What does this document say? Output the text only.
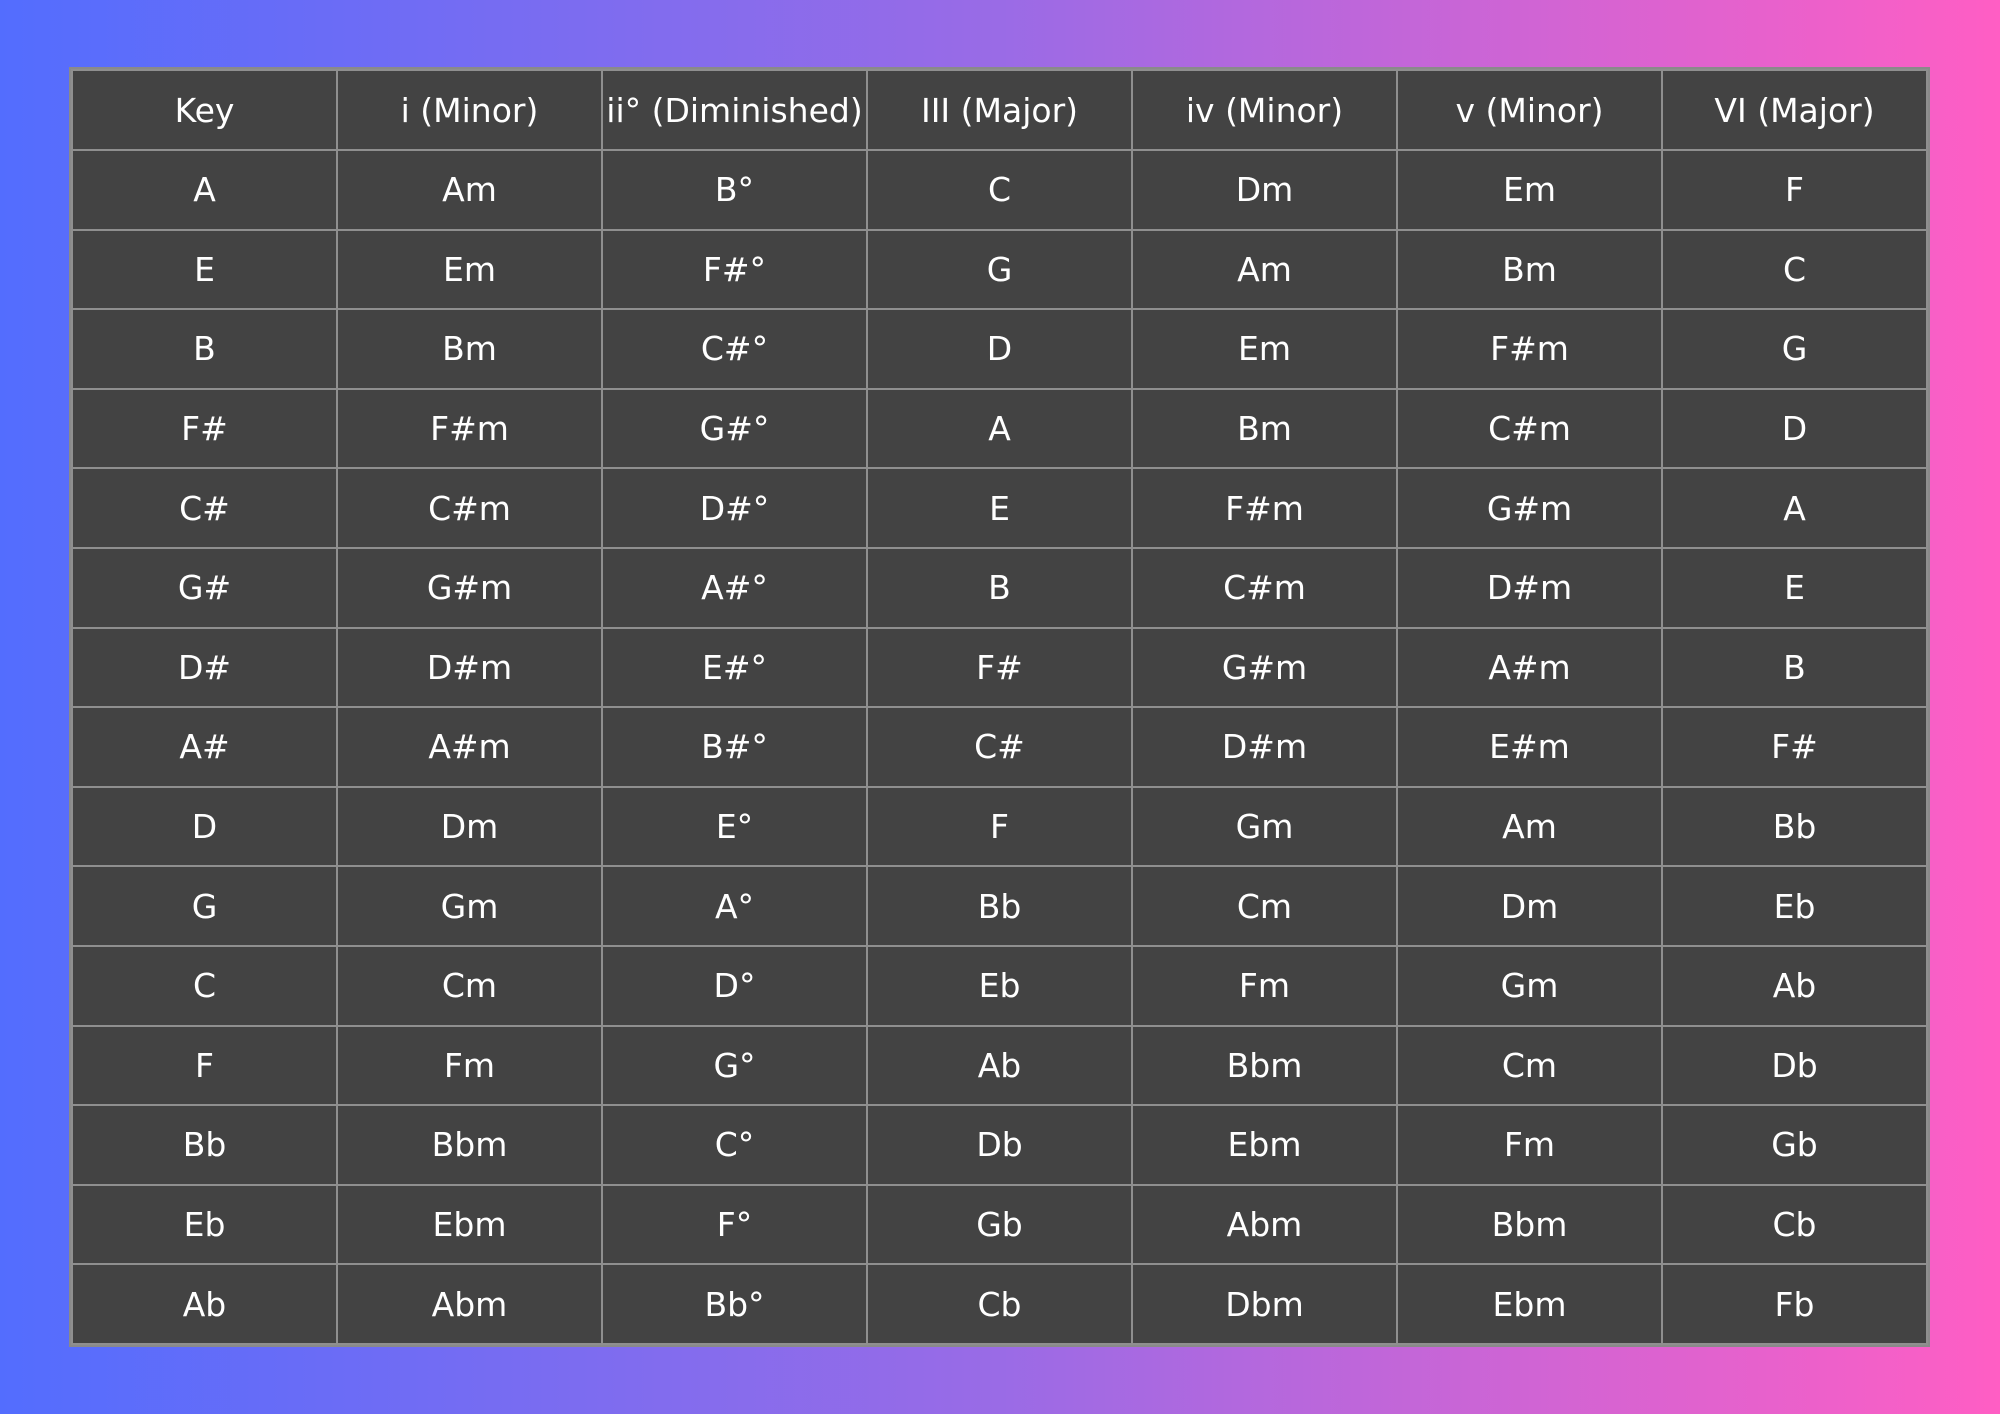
Key	i (Minor)	ii° (Diminished)	III (Major)	iv (Minor)	v (Minor)	VI (Major)
A	Am	B°	C	Dm	Em	F
E	Em	F#°	G	Am	Bm	C
B	Bm	C#°	D	Em	F#m	G
F#	F#m	G#°	A	Bm	C#m	D
C#	C#m	D#°	E	F#m	G#m	A
G#	G#m	A#°	B	C#m	D#m	E
D#	D#m	E#°	F#	G#m	A#m	B
A#	A#m	B#°	C#	D#m	E#m	F#
D	Dm	E°	F	Gm	Am	Bb
G	Gm	A°	Bb	Cm	Dm	Eb
C	Cm	D°	Eb	Fm	Gm	Ab
F	Fm	G°	Ab	Bbm	Cm	Db
Bb	Bbm	C°	Db	Ebm	Fm	Gb
Eb	Ebm	F°	Gb	Abm	Bbm	Cb
Ab	Abm	Bb°	Cb	Dbm	Ebm	Fb
